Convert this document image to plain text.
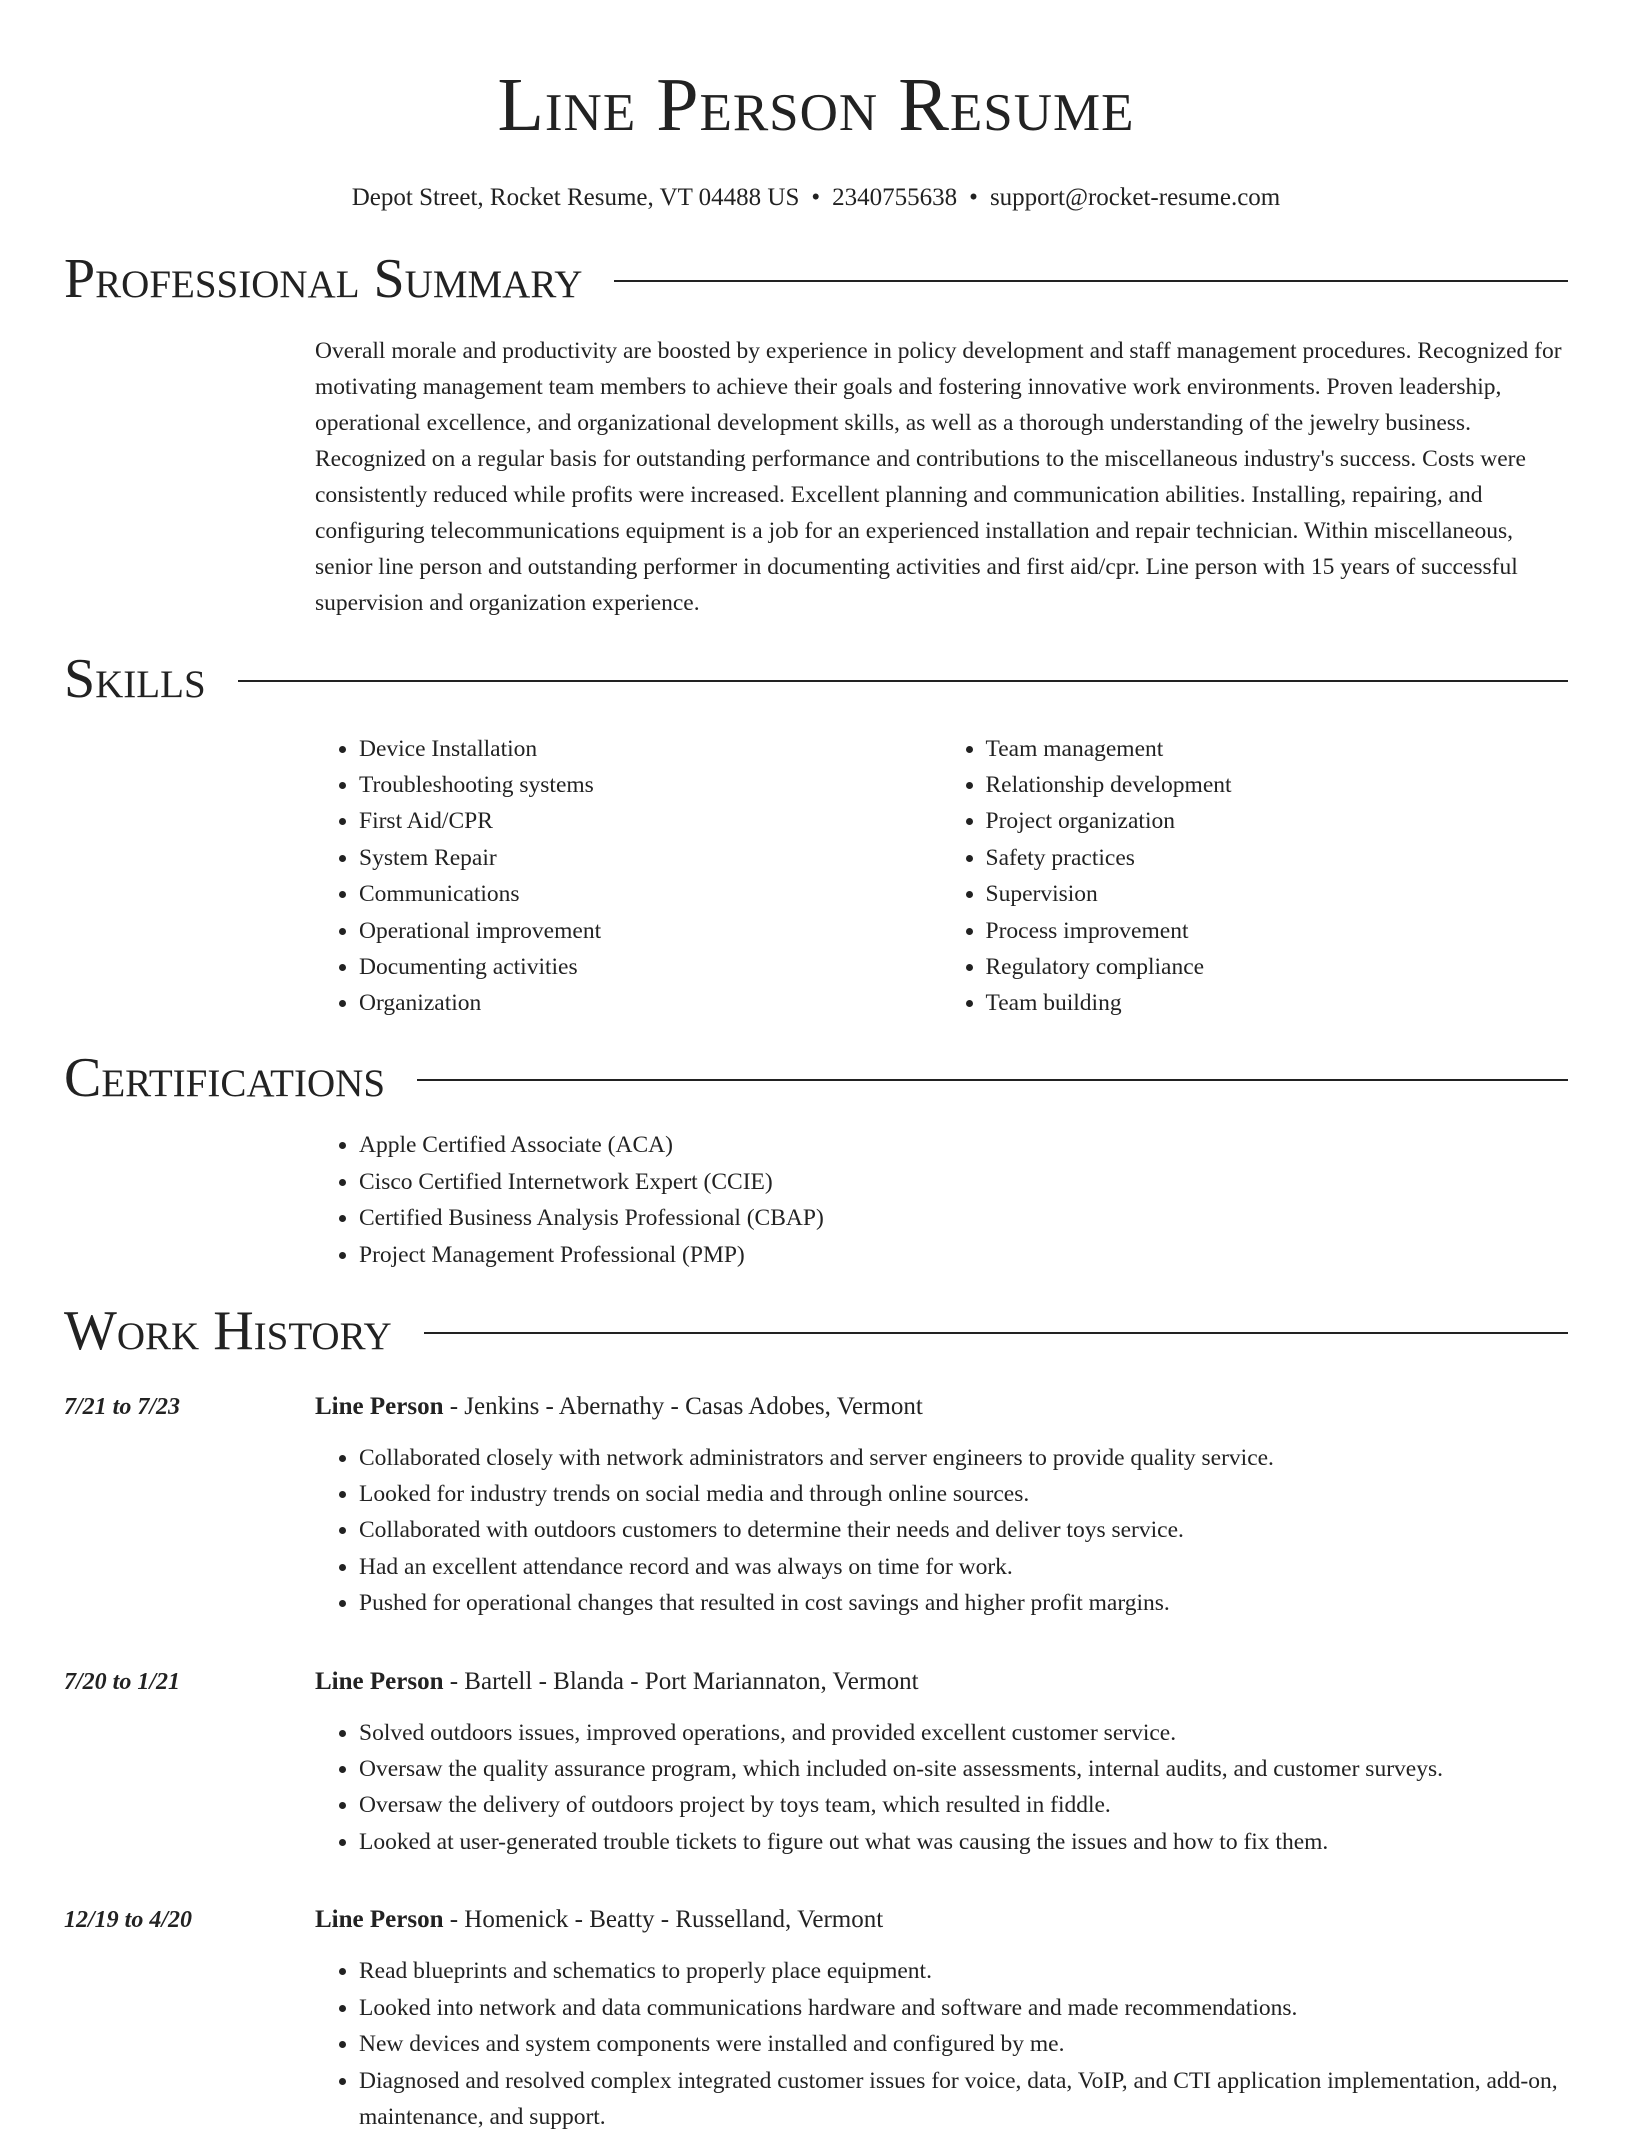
Line Person Resume
Depot Street, Rocket Resume, VT 04488 US • 2340755638 • support@rocket-resume.com
Professional Summary
Overall morale and productivity are boosted by experience in policy development and staff management procedures. Recognized for motivating management team members to achieve their goals and fostering innovative work environments. Proven leadership, operational excellence, and organizational development skills, as well as a thorough understanding of the jewelry business. Recognized on a regular basis for outstanding performance and contributions to the miscellaneous industry's success. Costs were consistently reduced while profits were increased. Excellent planning and communication abilities. Installing, repairing, and configuring telecommunications equipment is a job for an experienced installation and repair technician. Within miscellaneous, senior line person and outstanding performer in documenting activities and first aid/cpr. Line person with 15 years of successful supervision and organization experience.
Skills
• Device Installation
• Troubleshooting systems
• First Aid/CPR
• System Repair
• Communications
• Operational improvement
• Documenting activities
• Organization
• Team management
• Relationship development
• Project organization
• Safety practices
• Supervision
• Process improvement
• Regulatory compliance
• Team building
Certifications
• Apple Certified Associate (ACA)
• Cisco Certified Internetwork Expert (CCIE)
• Certified Business Analysis Professional (CBAP)
• Project Management Professional (PMP)
Work History
7/21 to 7/23	Line Person - Jenkins - Abernathy - Casas Adobes, Vermont
• Collaborated closely with network administrators and server engineers to provide quality service.
• Looked for industry trends on social media and through online sources.
• Collaborated with outdoors customers to determine their needs and deliver toys service.
• Had an excellent attendance record and was always on time for work.
• Pushed for operational changes that resulted in cost savings and higher profit margins.
7/20 to 1/21	Line Person - Bartell - Blanda - Port Mariannaton, Vermont
• Solved outdoors issues, improved operations, and provided excellent customer service.
• Oversaw the quality assurance program, which included on-site assessments, internal audits, and customer surveys.
• Oversaw the delivery of outdoors project by toys team, which resulted in fiddle.
• Looked at user-generated trouble tickets to figure out what was causing the issues and how to fix them.
12/19 to 4/20	Line Person - Homenick - Beatty - Russelland, Vermont
• Read blueprints and schematics to properly place equipment.
• Looked into network and data communications hardware and software and made recommendations.
• New devices and system components were installed and configured by me.
• Diagnosed and resolved complex integrated customer issues for voice, data, VoIP, and CTI application implementation, add-on, maintenance, and support.
